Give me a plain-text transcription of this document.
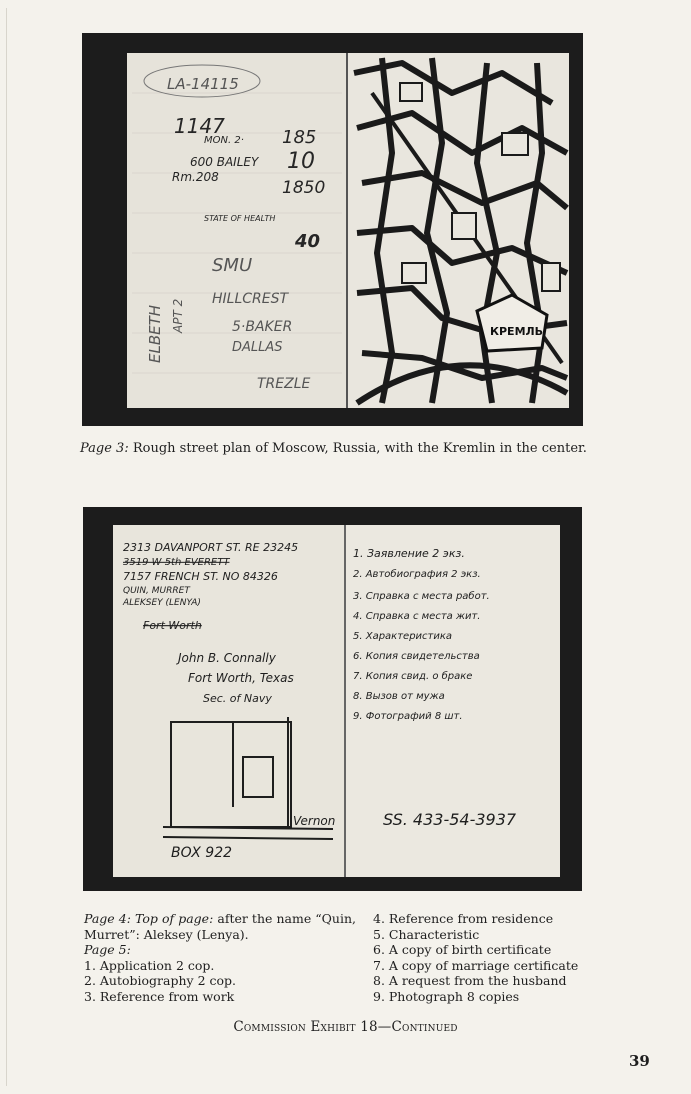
LA-14115
1147
MON. 2· 185
600 BAILEY 10
Rm.208
1850
STATE OF HEALTH
40
SMU
HILLCREST
ELBETH APT 2	5·BAKER
DALLAS
TREZLE
КРЕМЛЬ
Page 3: Rough street plan of Moscow, Russia, with the Kremlin in the center.
2313 DAVANPORT ST. RE 23245
3519 W 5th EVERETT
7157 FRENCH ST. NO 84326
QUIN, MURRET
ALEKSEY (LENYA)
Fort Worth
John B. Connally
Fort Worth, Texas
Sec. of Navy
Vernon
BOX 922
1. Заявление 2 экз.
2. Автобиография 2 экз.
3. Справка с места работ.
4. Справка с места жит.
5. Характеристика
6. Копия свидетельства
7. Копия свид. о браке
8. Вызов от мужа
9. Фотографий 8 шт.
SS. 433-54-3937
Page 4: Top of page: after the name “Quin, Murret”: Aleksey (Lenya).
Page 5:
1. Application 2 cop.
2. Autobiography 2 cop.
3. Reference from work
4. Reference from residence
5. Characteristic
6. A copy of birth certificate
7. A copy of marriage certificate
8. A request from the husband
9. Photograph 8 copies
Commission Exhibit 18—Continued
39
